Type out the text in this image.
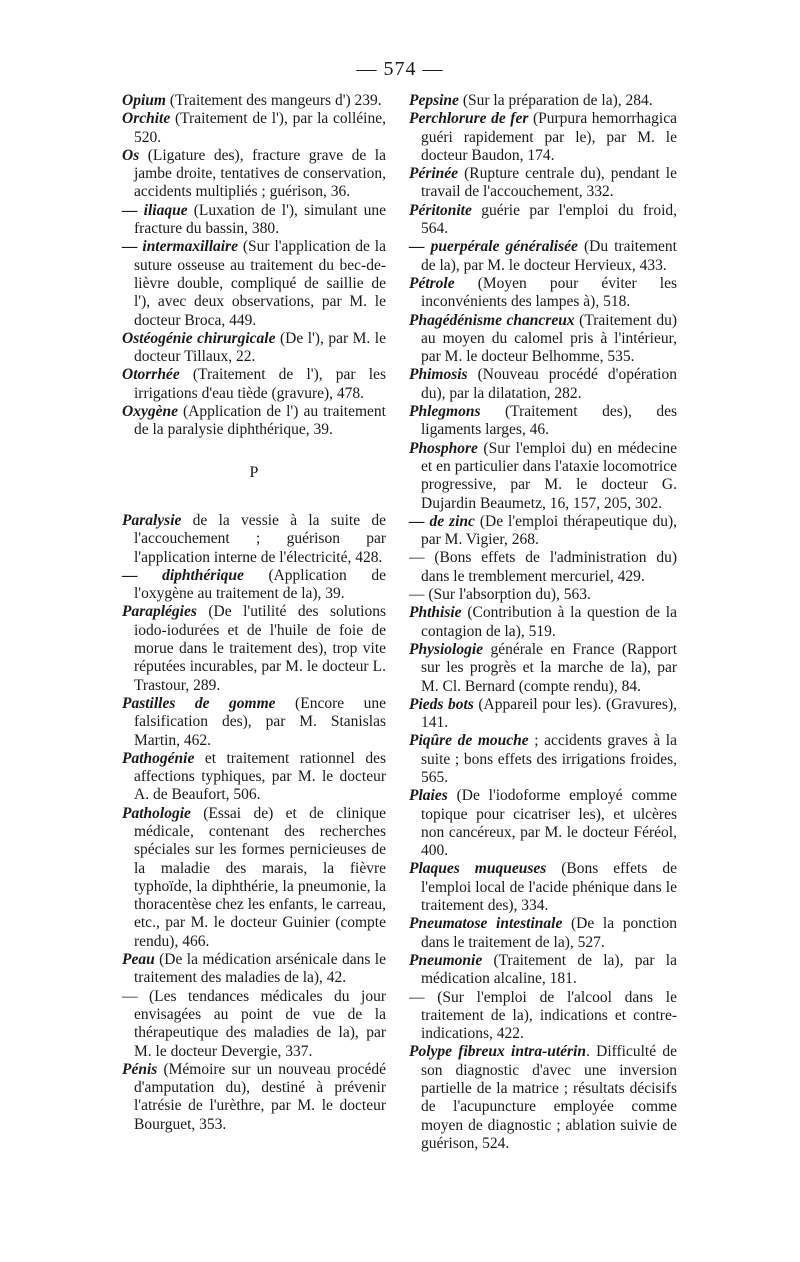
— 574 —

Opium (Traitement des mangeurs d') 239.

Orchite (Traitement de l'), par la colléine, 520.

Os (Ligature des), fracture grave de la jambe droite, tentatives de conservation, accidents multipliés ; guérison, 36.

— iliaque (Luxation de l'), simulant une fracture du bassin, 380.

— intermaxillaire (Sur l'application de la suture osseuse au traitement du bec-de-lièvre double, compliqué de saillie de l'), avec deux observations, par M. le docteur Broca, 449.

Ostéogénie chirurgicale (De l'), par M. le docteur Tillaux, 22.

Otorrhée (Traitement de l'), par les irrigations d'eau tiède (gravure), 478.

Oxygène (Application de l') au traitement de la paralysie diphthérique, 39.

P

Paralysie de la vessie à la suite de l'accouchement ; guérison par l'application interne de l'électricité, 428.

— diphthérique (Application de l'oxygène au traitement de la), 39.

Paraplégies (De l'utilité des solutions iodo-iodurées et de l'huile de foie de morue dans le traitement des), trop vite réputées incurables, par M. le docteur L. Trastour, 289.

Pastilles de gomme (Encore une falsification des), par M. Stanislas Martin, 462.

Pathogénie et traitement rationnel des affections typhiques, par M. le docteur A. de Beaufort, 506.

Pathologie (Essai de) et de clinique médicale, contenant des recherches spéciales sur les formes pernicieuses de la maladie des marais, la fièvre typhoïde, la diphthérie, la pneumonie, la thoracentèse chez les enfants, le carreau, etc., par M. le docteur Guinier (compte rendu), 466.

Peau (De la médication arsénicale dans le traitement des maladies de la), 42.

— (Les tendances médicales du jour envisagées au point de vue de la thérapeutique des maladies de la), par M. le docteur Devergie, 337.

Pénis (Mémoire sur un nouveau procédé d'amputation du), destiné à prévenir l'atrésie de l'urèthre, par M. le docteur Bourguet, 353.

Pepsine (Sur la préparation de la), 284.

Perchlorure de fer (Purpura hemorrhagica guéri rapidement par le), par M. le docteur Baudon, 174.

Périnée (Rupture centrale du), pendant le travail de l'accouchement, 332.

Péritonite guérie par l'emploi du froid, 564.

— puerpérale généralisée (Du traitement de la), par M. le docteur Hervieux, 433.

Pétrole (Moyen pour éviter les inconvénients des lampes à), 518.

Phagédénisme chancreux (Traitement du) au moyen du calomel pris à l'intérieur, par M. le docteur Belhomme, 535.

Phimosis (Nouveau procédé d'opération du), par la dilatation, 282.

Phlegmons (Traitement des), des ligaments larges, 46.

Phosphore (Sur l'emploi du) en médecine et en particulier dans l'ataxie locomotrice progressive, par M. le docteur G. Dujardin Beaumetz, 16, 157, 205, 302.

— de zinc (De l'emploi thérapeutique du), par M. Vigier, 268.

— (Bons effets de l'administration du) dans le tremblement mercuriel, 429.

— (Sur l'absorption du), 563.

Phthisie (Contribution à la question de la contagion de la), 519.

Physiologie générale en France (Rapport sur les progrès et la marche de la), par M. Cl. Bernard (compte rendu), 84.

Pieds bots (Appareil pour les). (Gravures), 141.

Piqûre de mouche ; accidents graves à la suite ; bons effets des irrigations froides, 565.

Plaies (De l'iodoforme employé comme topique pour cicatriser les), et ulcères non cancéreux, par M. le docteur Féréol, 400.

Plaques muqueuses (Bons effets de l'emploi local de l'acide phénique dans le traitement des), 334.

Pneumatose intestinale (De la ponction dans le traitement de la), 527.

Pneumonie (Traitement de la), par la médication alcaline, 181.

— (Sur l'emploi de l'alcool dans le traitement de la), indications et contre-indications, 422.

Polype fibreux intra-utérin. Difficulté de son diagnostic d'avec une inversion partielle de la matrice ; résultats décisifs de l'acupuncture employée comme moyen de diagnostic ; ablation suivie de guérison, 524.
